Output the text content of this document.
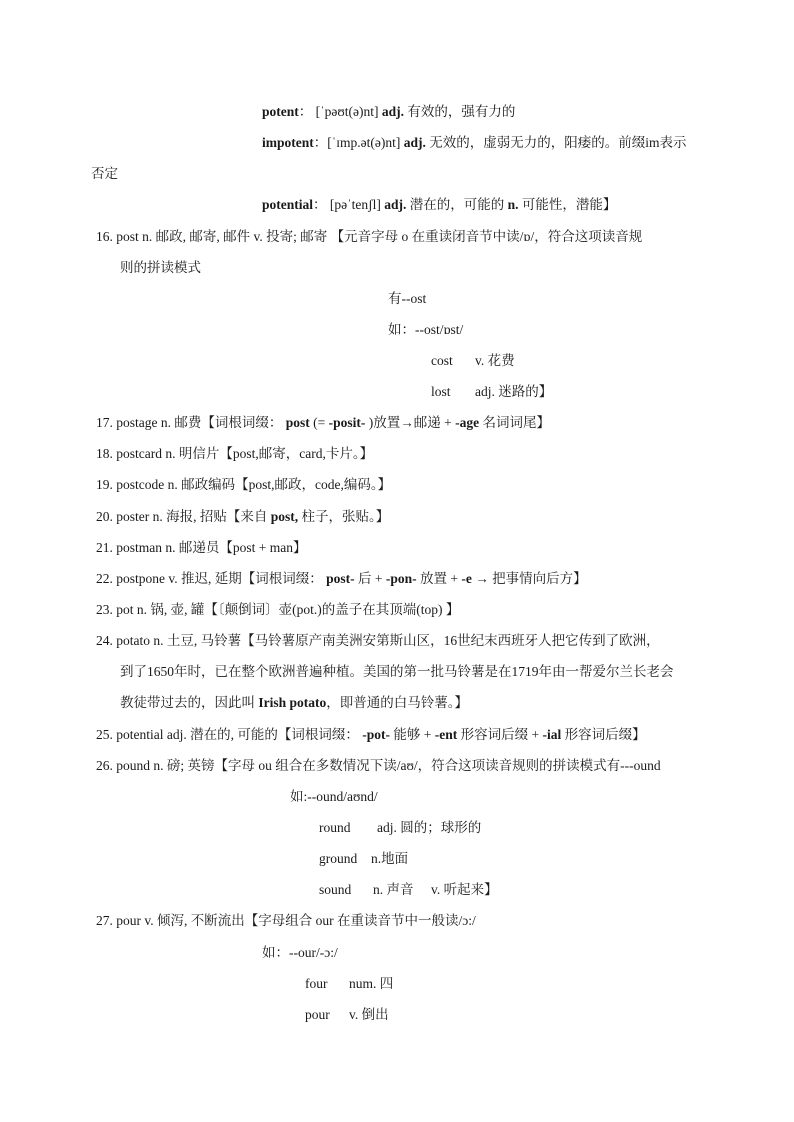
potent： [ˈpəʊt(ə)nt] adj. 有效的，强有力的
impotent：[ˈɪmp.ət(ə)nt] adj. 无效的，虚弱无力的，阳痿的。前缀im表示
否定
potential： [pəˈtenʃl] adj. 潜在的，可能的 n. 可能性，潜能】
16. post n. 邮政, 邮寄, 邮件 v. 投寄; 邮寄 【元音字母 o 在重读闭音节中读/ɒ/，符合这项读音规
则的拼读模式
有--ost
如：--ost/ɒst/
cost v. 花费
lost adj. 迷路的】
17. postage n. 邮费【词根词缀： post (= -posit- )放置→邮递 + -age 名词词尾】
18. postcard n. 明信片【post,邮寄，card,卡片。】
19. postcode n. 邮政编码【post,邮政，code,编码。】
20. poster n. 海报, 招贴【来自 post, 柱子，张贴。】
21. postman n. 邮递员【post + man】
22. postpone v. 推迟, 延期【词根词缀： post- 后 + -pon- 放置 + -e → 把事情向后方】
23. pot n. 锅, 壶, 罐【〔颠倒词〕壶(pot.)的盖子在其顶端(top) 】
24. potato n. 土豆, 马铃薯【马铃薯原产南美洲安第斯山区，16世纪末西班牙人把它传到了欧洲，
到了1650年时，已在整个欧洲普遍种植。美国的第一批马铃薯是在1719年由一帮爱尔兰长老会
教徒带过去的，因此叫 Irish potato，即普通的白马铃薯。】
25. potential adj. 潜在的, 可能的【词根词缀： -pot- 能够 + -ent 形容词后缀 + -ial 形容词后缀】
26. pound n. 磅; 英镑【字母 ou 组合在多数情况下读/aʊ/，符合这项读音规则的拼读模式有---ound
如:--ound/aʊnd/
round adj. 圆的；球形的
ground n.地面
sound n. 声音 v. 听起来】
27. pour v. 倾泻, 不断流出【字母组合 our 在重读音节中一般读/ɔ:/
如：--our/-ɔ:/
four num. 四
pour v. 倒出
